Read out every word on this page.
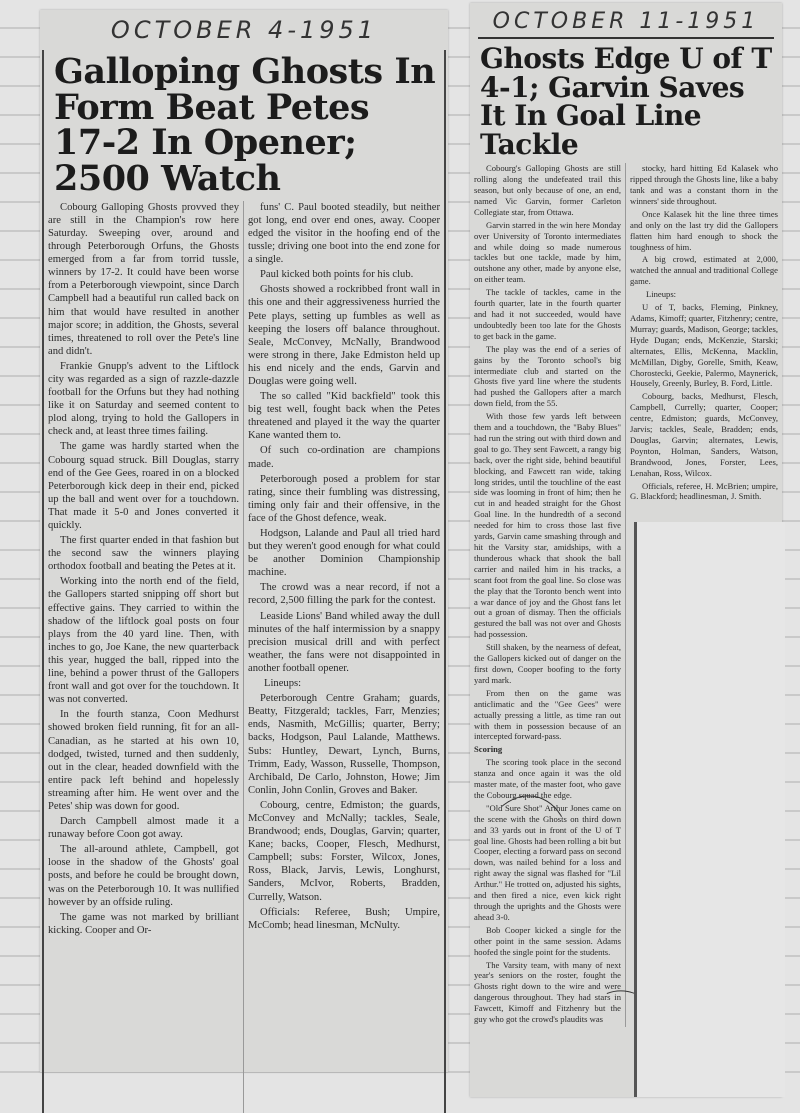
OCTOBER 4-1951
Galloping Ghosts In Form Beat Petes 17-2 In Opener; 2500 Watch

Cobourg Galloping Ghosts provved they are still in the Champion's row here Saturday. Sweeping over, around and through Peterborough Orfuns, the Ghosts emerged from a far from torrid tussle, winners by 17-2. It could have been worse from a Peterborough viewpoint, since Darch Campbell had a beautiful run called back on him that would have resulted in another major score; in addition, the Ghosts, several times, threatened to roll over the Pete's line and didn't.

Frankie Gnupp's advent to the Liftlock city was regarded as a sign of razzle-dazzle football for the Orfuns but they had nothing like it on Saturday and seemed content to plod along, trying to hold the Gallopers in check and, at least three times failing.

The game was hardly started when the Cobourg squad struck. Bill Douglas, starry end of the Gee Gees, roared in on a blocked Peterborough kick deep in their end, picked up the ball and went over for a touchdown. That made it 5-0 and Jones converted it quickly.

The first quarter ended in that fashion but the second saw the winners playing orthodox football and beating the Petes at it.

Working into the north end of the field, the Gallopers started snipping off short but effective gains. They carried to within the shadow of the liftlock goal posts on four plays from the 40 yard line. Then, with inches to go, Joe Kane, the new quarterback this year, hugged the ball, ripped into the line, behind a power thrust of the Gallopers front wall and got over for the touchdown. It was not converted.

In the fourth stanza, Coon Medhurst showed broken field running, fit for an all-Canadian, as he started at his own 10, dodged, twisted, turned and then suddenly, out in the clear, headed downfield with the entire pack left behind and hopelessly streaming after him. He went over and the Petes' ship was down for good.

Darch Campbell almost made it a runaway before Coon got away.

The all-around athlete, Campbell, got loose in the shadow of the Ghosts' goal posts, and before he could be brought down, was on the Peterborough 10. It was nullified however by an offside ruling.

The game was not marked by brilliant kicking. Cooper and Or-

funs' C. Paul booted steadily, but neither got long, end over end ones, away. Cooper edged the visitor in the hoofing end of the tussle; driving one boot into the end zone for a single.

Paul kicked both points for his club.

Ghosts showed a rockribbed front wall in this one and their aggressiveness hurried the Pete plays, setting up fumbles as well as keeping the losers off balance throughout. Seale, McConvey, McNally, Brandwood were strong in there, Jake Edmiston held up his end nicely and the ends, Garvin and Douglas were going well.

The so called "Kid backfield" took this big test well, fought back when the Petes threatened and played it the way the quarter Kane wanted them to.

Of such co-ordination are champions made.

Peterborough posed a problem for star rating, since their fumbling was distressing, timing only fair and their offensive, in the face of the Ghost defence, weak.

Hodgson, Lalande and Paul all tried hard but they weren't good enough for what could be another Dominion Championship machine.

The crowd was a near record, if not a record, 2,500 filling the park for the contest.

Leaside Lions' Band whiled away the dull minutes of the half intermission by a snappy precision musical drill and with perfect weather, the fans were not disappointed in another football opener.

Lineups:

Peterborough Centre Graham; guards, Beatty, Fitzgerald; tackles, Farr, Menzies; ends, Nasmith, McGillis; quarter, Berry; backs, Hodgson, Paul Lalande, Matthews. Subs: Huntley, Dewart, Lynch, Burns, Trimm, Eady, Wasson, Russelle, Thompson, Archibald, De Carlo, Johnston, Howe; Jim Conlin, John Conlin, Groves and Baker.

Cobourg, centre, Edmiston; the guards, McConvey and McNally; tackles, Seale, Brandwood; ends, Douglas, Garvin; quarter, Kane; backs, Cooper, Flesch, Medhurst, Campbell; subs: Forster, Wilcox, Jones, Ross, Black, Jarvis, Lewis, Longhurst, Sanders, McIvor, Roberts, Bradden, Currelly, Watson.

Officials: Referee, Bush; Umpire, McComb; head linesman, McNulty.

OCTOBER 11-1951
Ghosts Edge U of T 4-1; Garvin Saves It In Goal Line Tackle

Cobourg's Galloping Ghosts are still rolling along the undefeated trail this season, but only because of one, an end, named Vic Garvin, former Carleton Collegiate star, from Ottawa.

Garvin starred in the win here Monday over University of Toronto intermediates and while doing so made numerous tackles but one tackle, made by him, outshone any other, made by anyone else, on either team.

The tackle of tackles, came in the fourth quarter, late in the fourth quarter and had it not succeeded, would have undoubtedly been too late for the Ghosts to get back in the game.

The play was the end of a series of gains by the Toronto school's big intermediate club and started on the Ghosts five yard line where the students had pushed the Gallopers after a march down field, from the 55.

With those few yards left between them and a touchdown, the "Baby Blues" had run the string out with third down and goal to go. They sent Fawcett, a rangy big back, over the right side, behind beautiful blocking, and Fawcett ran wide, taking long strides, until the touchline of the east side was looming in front of him; then he cut in and headed straight for the Ghost Goal line. In the hundredth of a second needed for him to cross those last five yards, Garvin came smashing through and hit the Varsity star, amidships, with a thunderous whack that shook the ball carrier and nailed him in his tracks, a scant foot from the goal line. So close was the play that the Toronto bench went into a war dance of joy and the Ghost fans let out a groan of dismay. Then the officials gestured the ball was not over and Ghosts had possession.

Still shaken, by the nearness of defeat, the Gallopers kicked out of danger on the first down, Cooper boofing to the forty yard mark.

From then on the game was anticlimatic and the "Gee Gees" were actually pressing a little, as time ran out with them in possession because of an intercepted forward-pass.

Scoring

The scoring took place in the second stanza and once again it was the old master mate, of the master foot, who gave the Cobourg squad the edge.

"Old Sure Shot" Arthur Jones came on the scene with the Ghosts on third down and 33 yards out in front of the U of T goal line. Ghosts had been rolling a bit but Cooper, electing a forward pass on second down, was nailed behind for a loss and right away the signal was flashed for "Lil Arthur." He trotted on, adjusted his sights, and then fired a nice, even kick right through the uprights and the Ghosts were ahead 3-0.

Bob Cooper kicked a single for the other point in the same session. Adams hoofed the single point for the students.

The Varsity team, with many of next year's seniors on the roster, fought the Ghosts right down to the wire and were dangerous throughout. They had stars in Fawcett, Kimoff and Fitzhenry but the guy who got the crowd's plaudits was

stocky, hard hitting Ed Kalasek who ripped through the Ghosts line, like a baby tank and was a constant thorn in the winners' side throughout.

Once Kalasek hit the line three times and only on the last try did the Gallopers flatten him hard enough to shock the toughness of him.

A big crowd, estimated at 2,000, watched the annual and traditional College game.

Lineups:

U of T, backs, Fleming, Pinkney, Adams, Kimoff; quarter, Fitzhenry; centre, Murray; guards, Madison, George; tackles, Hyde Dugan; ends, McKenzie, Starski; alternates, Ellis, McKenna, Macklin, McMillan, Digby, Gorelle, Smith, Keaw, Chorostecki, Geekie, Palermo, Maynerick, Housely, Greenly, Burley, B. Ford, Little.

Cobourg, backs, Medhurst, Flesch, Campbell, Currelly; quarter, Cooper; centre, Edmiston; guards, McConvey, Jarvis; tackles, Seale, Bradden; ends, Douglas, Garvin; alternates, Lewis, Poynton, Holman, Sanders, Watson, Brandwood, Jones, Forster, Lees, Lenahan, Ross, Wilcox.

Officials, referee, H. McBrien; umpire, G. Blackford; headlinesman, J. Smith.
